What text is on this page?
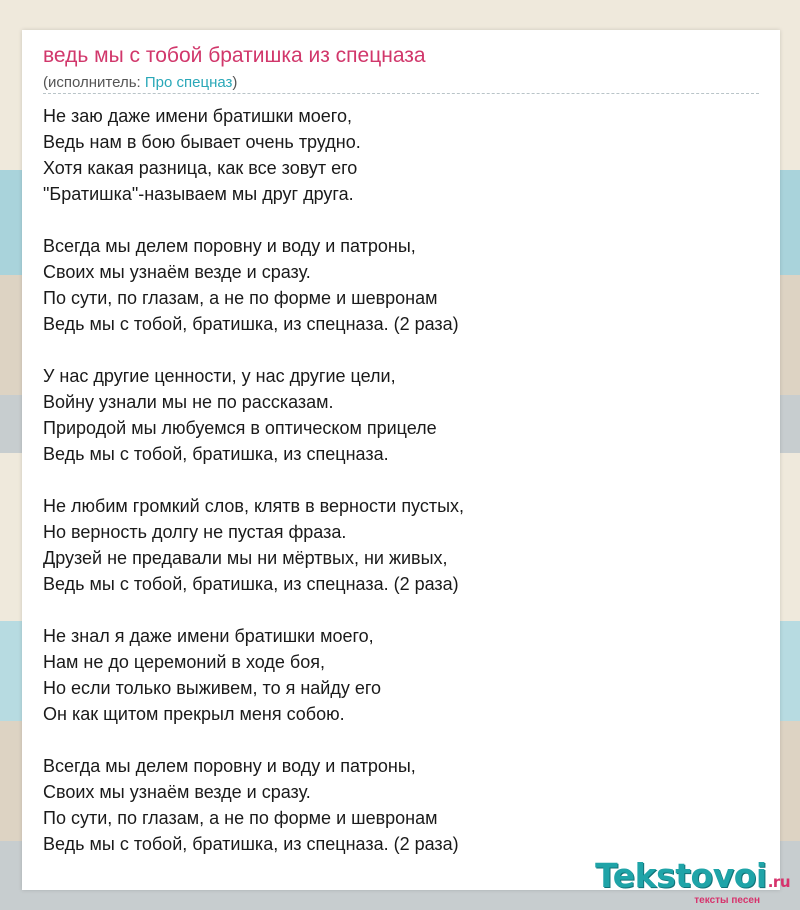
ведь мы с тобой братишка из спецназа
(исполнитель: Про спецназ)
Не заю даже имени братишки моего,
Ведь нам в бою бывает очень трудно.
Хотя какая разница, как все зовут его
"Братишка"-называем мы друг друга.
Всегда мы делем поровну и воду и патроны,
Своих мы узнаём везде и сразу.
По сути, по глазам, а не по форме и шевронам
Ведь мы с тобой, братишка, из спецназа. (2 раза)
У нас другие ценности, у нас другие цели,
Войну узнали мы не по рассказам.
Природой мы любуемся в оптическом прицеле
Ведь мы с тобой, братишка, из спецназа.
Не любим громкий слов, клятв в верности пустых,
Но верность долгу не пустая фраза.
Друзей не предавали мы ни мёртвых, ни живых,
Ведь мы с тобой, братишка, из спецназа. (2 раза)
Не знал я даже имени братишки моего,
Нам не до церемоний в ходе боя,
Но если только выживем, то я найду его
Он как щитом прекрыл меня собою.
Всегда мы делем поровну и воду и патроны,
Своих мы узнаём везде и сразу.
По сути, по глазам, а не по форме и шевронам
Ведь мы с тобой, братишка, из спецназа. (2 раза)
Tekstovoi.ru
тексты песен
